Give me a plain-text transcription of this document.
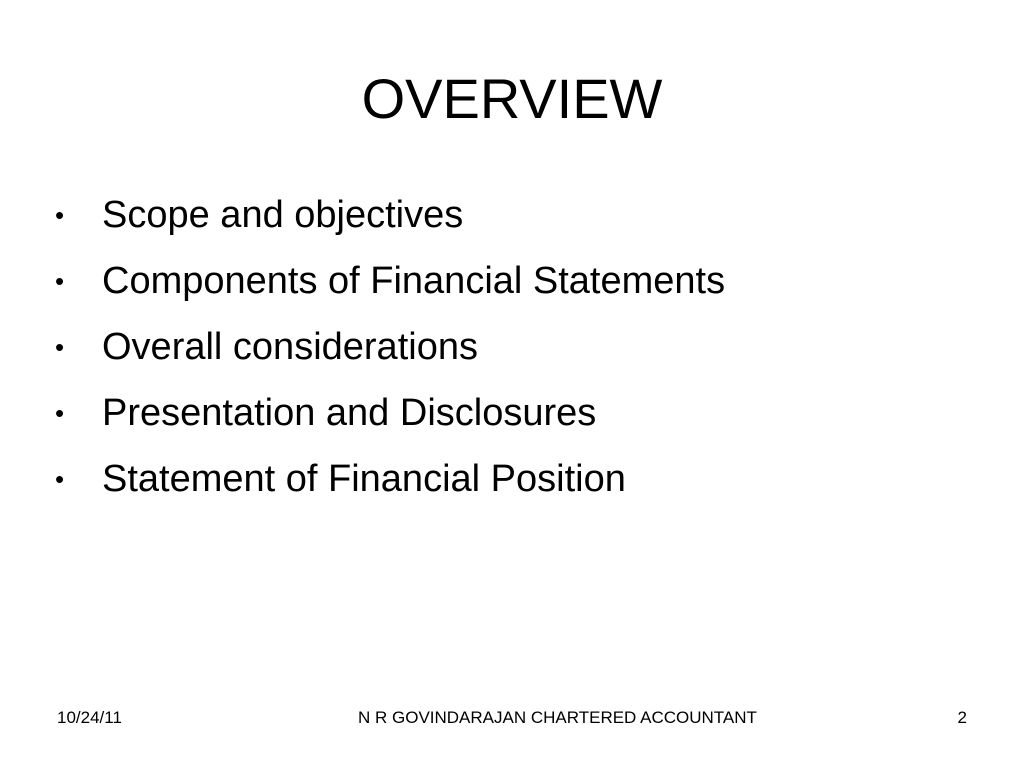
OVERVIEW
• Scope and objectives
• Components of Financial Statements
• Overall considerations
• Presentation and Disclosures
• Statement of Financial Position
10/24/11	N R GOVINDARAJAN CHARTERED ACCOUNTANT	2
